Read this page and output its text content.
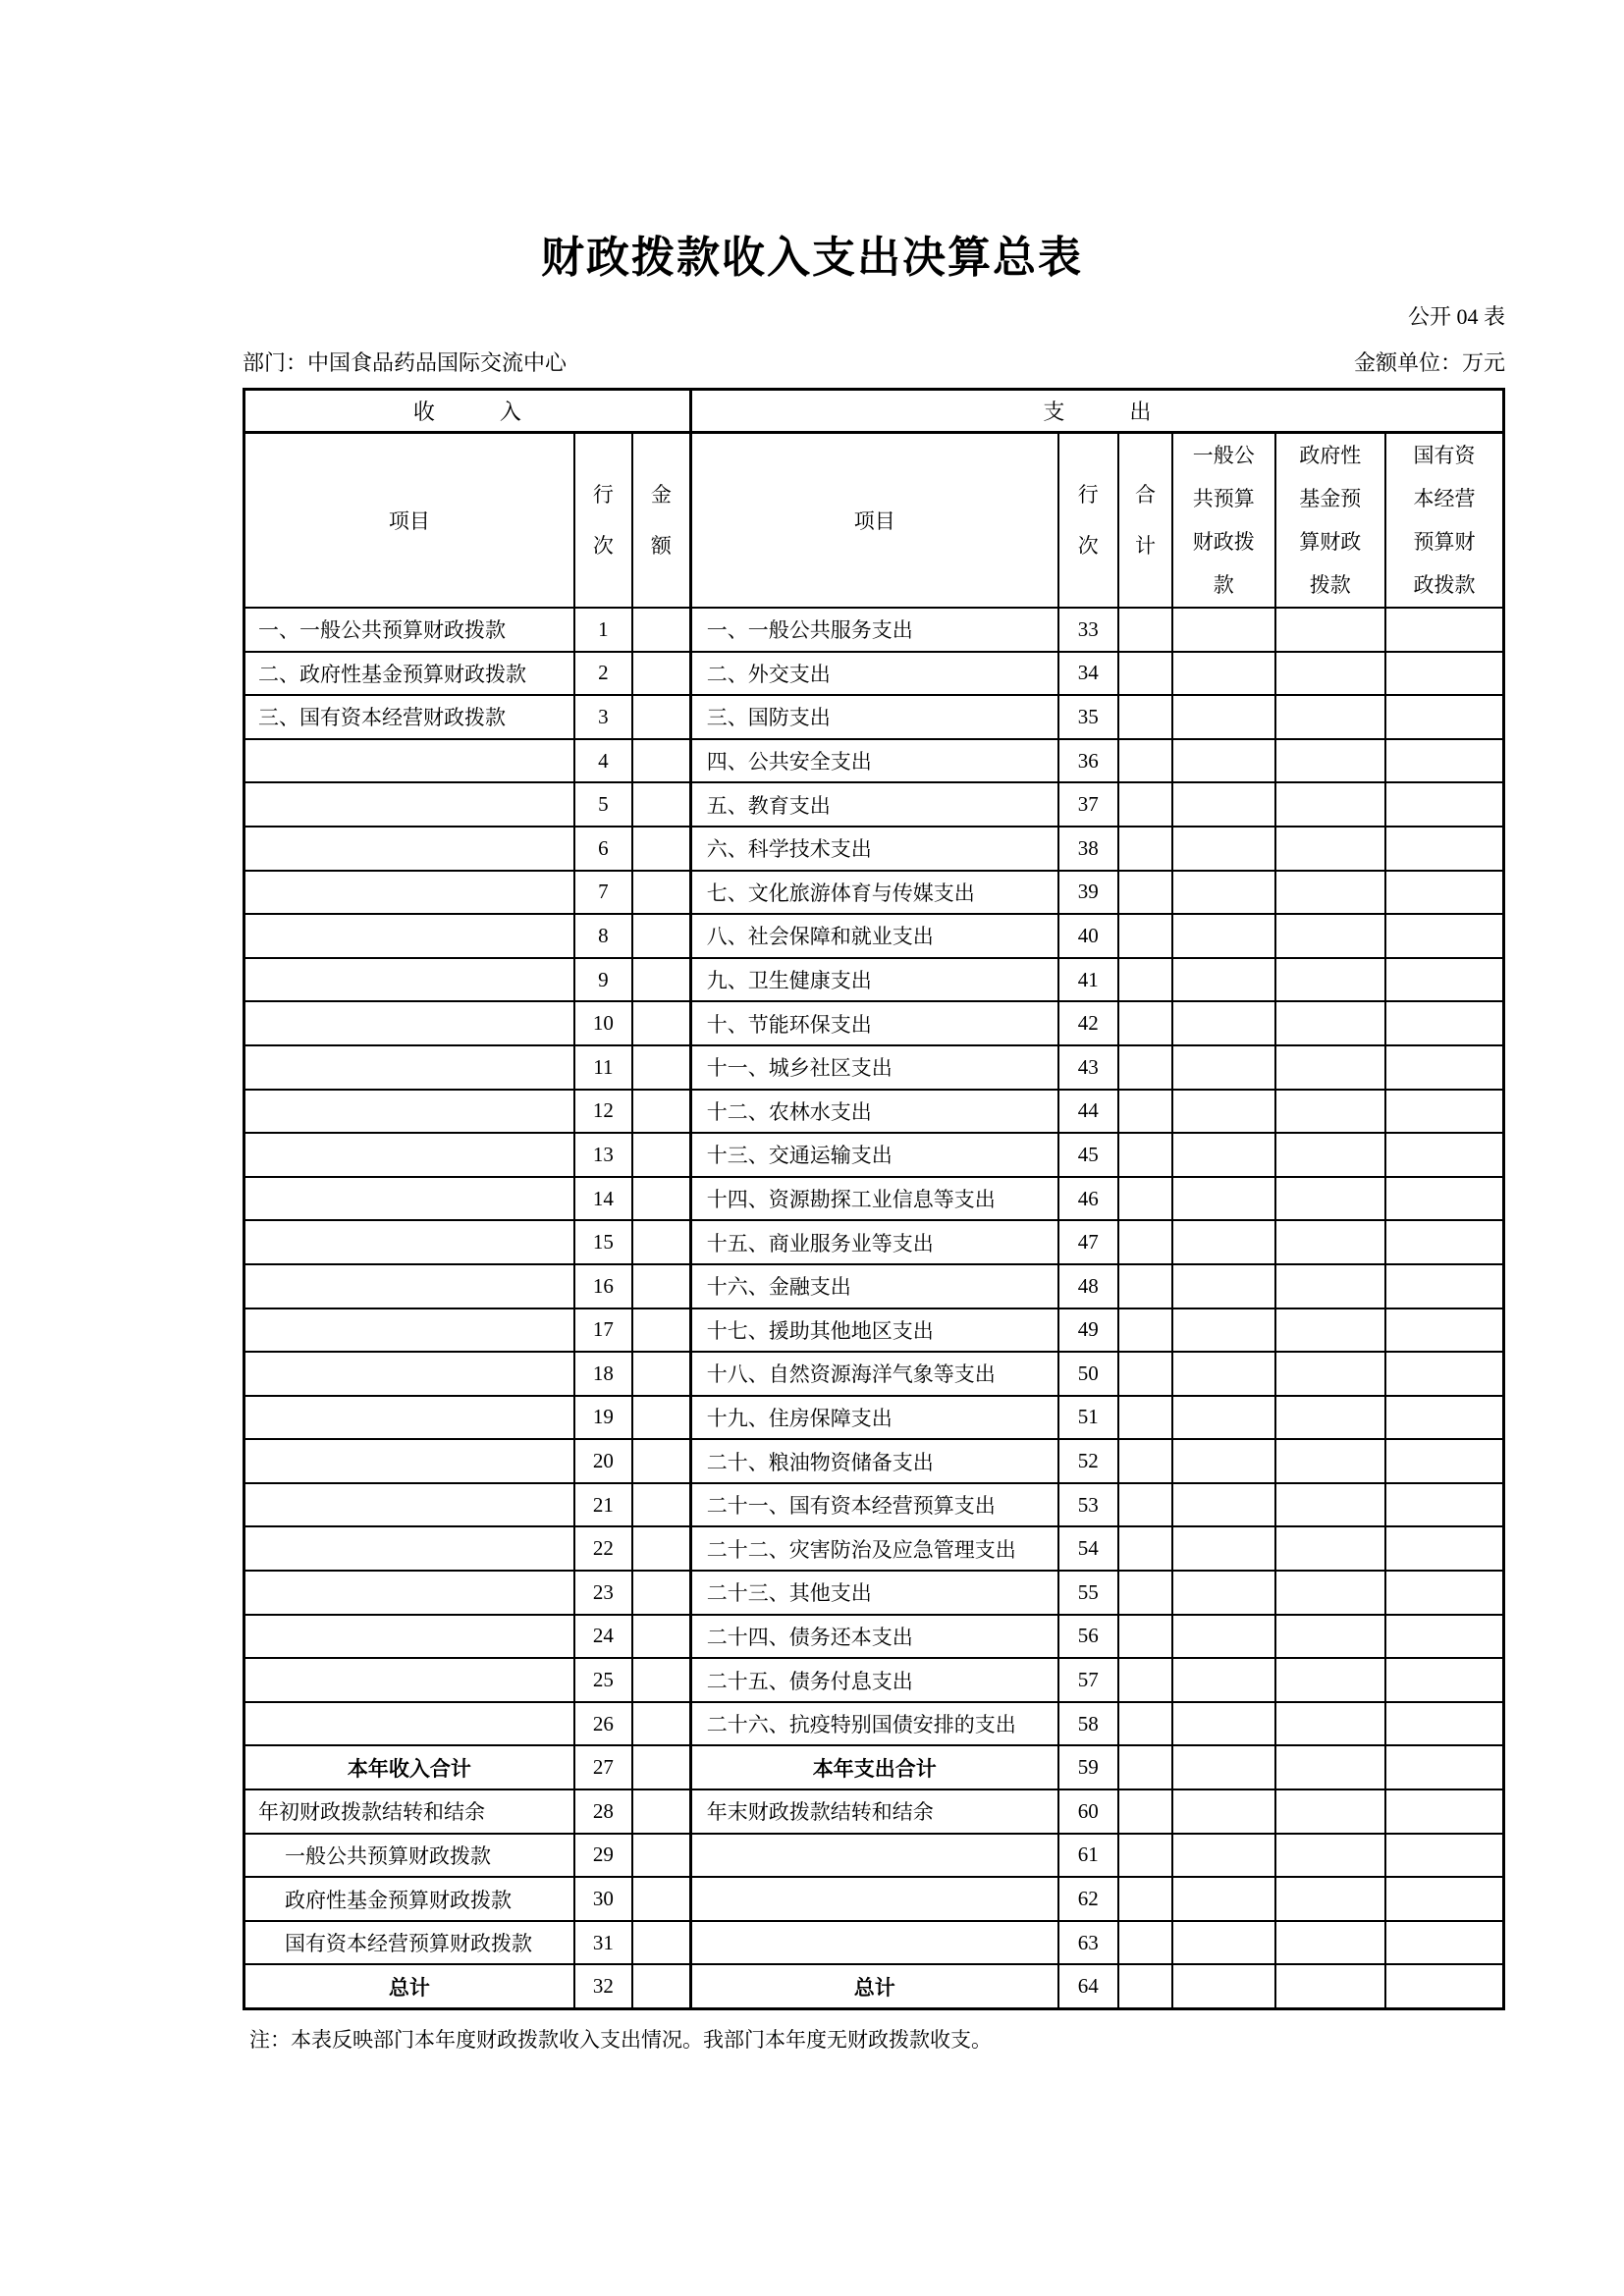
财政拨款收入支出决算总表
公开 04 表
部门：中国食品药品国际交流中心	金额单位：万元
收　　　入			支　　　出					
项目	行次	金额	项目	行次	合计	一般公共预算财政拨款	政府性基金预算财政拨款	国有资本经营预算财政拨款

一、一般公共预算财政拨款	1		一、一般公共服务支出	33				
二、政府性基金预算财政拨款	2		二、外交支出	34				
三、国有资本经营财政拨款	3		三、国防支出	35				
	4		四、公共安全支出	36				
	5		五、教育支出	37				
	6		六、科学技术支出	38				
	7		七、文化旅游体育与传媒支出	39				
	8		八、社会保障和就业支出	40				
	9		九、卫生健康支出	41				
	10		十、节能环保支出	42				
	11		十一、城乡社区支出	43				
	12		十二、农林水支出	44				
	13		十三、交通运输支出	45				
	14		十四、资源勘探工业信息等支出	46				
	15		十五、商业服务业等支出	47				
	16		十六、金融支出	48				
	17		十七、援助其他地区支出	49				
	18		十八、自然资源海洋气象等支出	50				
	19		十九、住房保障支出	51				
	20		二十、粮油物资储备支出	52				
	21		二十一、国有资本经营预算支出	53				
	22		二十二、灾害防治及应急管理支出	54				
	23		二十三、其他支出	55				
	24		二十四、债务还本支出	56				
	25		二十五、债务付息支出	57				
	26		二十六、抗疫特别国债安排的支出	58				
本年收入合计	27		本年支出合计	59				
年初财政拨款结转和结余	28		年末财政拨款结转和结余	60				
一般公共预算财政拨款	29			61				
政府性基金预算财政拨款	30			62				
国有资本经营预算财政拨款	31			63				
总计	32		总计	64				
注：本表反映部门本年度财政拨款收入支出情况。我部门本年度无财政拨款收支。
